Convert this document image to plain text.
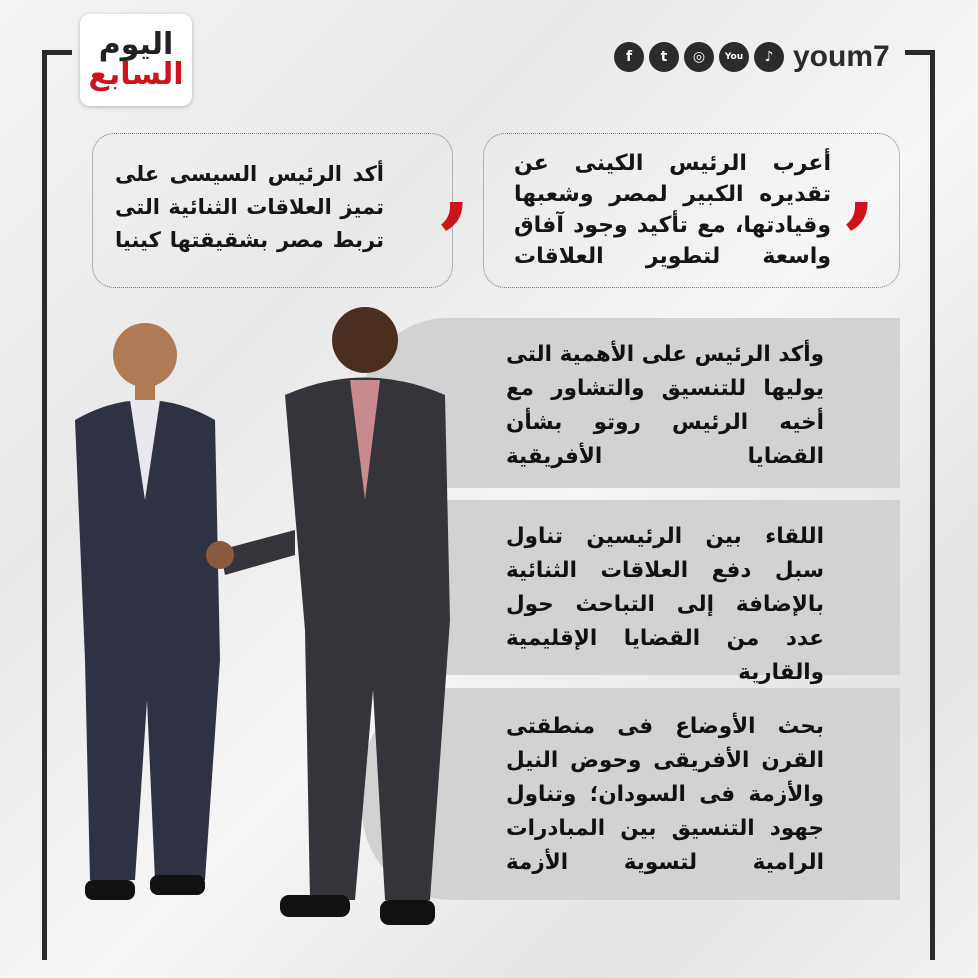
اليوم
السابع	f	t	◎	You	♪ youm7
أعرب الرئيس الكينى عن تقديره الكبير لمصر وشعبها وقيادتها، مع تأكيد وجود آفاق واسعة لتطوير العلاقات
,
أكد الرئيس السيسى على تميز العلاقات الثنائية التى تربط مصر بشقيقتها كينيا
,
وأكد الرئيس على الأهمية التى يوليها للتنسيق والتشاور مع أخيه الرئيس روتو بشأن القضايا الأفريقية
اللقاء بين الرئيسين تناول سبل دفع العلاقات الثنائية بالإضافة إلى التباحث حول عدد من القضايا الإقليمية والقارية
بحث الأوضاع فى منطقتى القرن الأفريقى وحوض النيل والأزمة فى السودان؛ وتناول جهود التنسيق بين المبادرات الرامية لتسوية الأزمة
